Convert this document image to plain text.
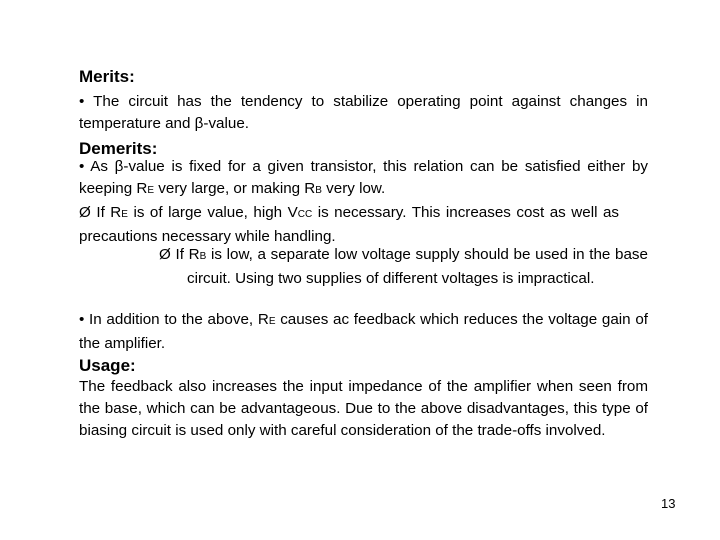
Merits:

• The circuit has the tendency to stabilize operating point against changes in temperature and β-value.

Demerits:

• As β-value is fixed for a given transistor, this relation can be satisfied either by keeping RE very large, or making RB very low.

Ø If RE is of large value, high VCC is necessary. This increases cost as well as precautions necessary while handling.

Ø If RB is low, a separate low voltage supply should be used in the base circuit. Using two supplies of different voltages is impractical.

• In addition to the above, RE causes ac feedback which reduces the voltage gain of the amplifier.

Usage:

The feedback also increases the input impedance of the amplifier when seen from the base, which can be advantageous. Due to the above disadvantages, this type of biasing circuit is used only with careful consideration of the trade-offs involved.

13
